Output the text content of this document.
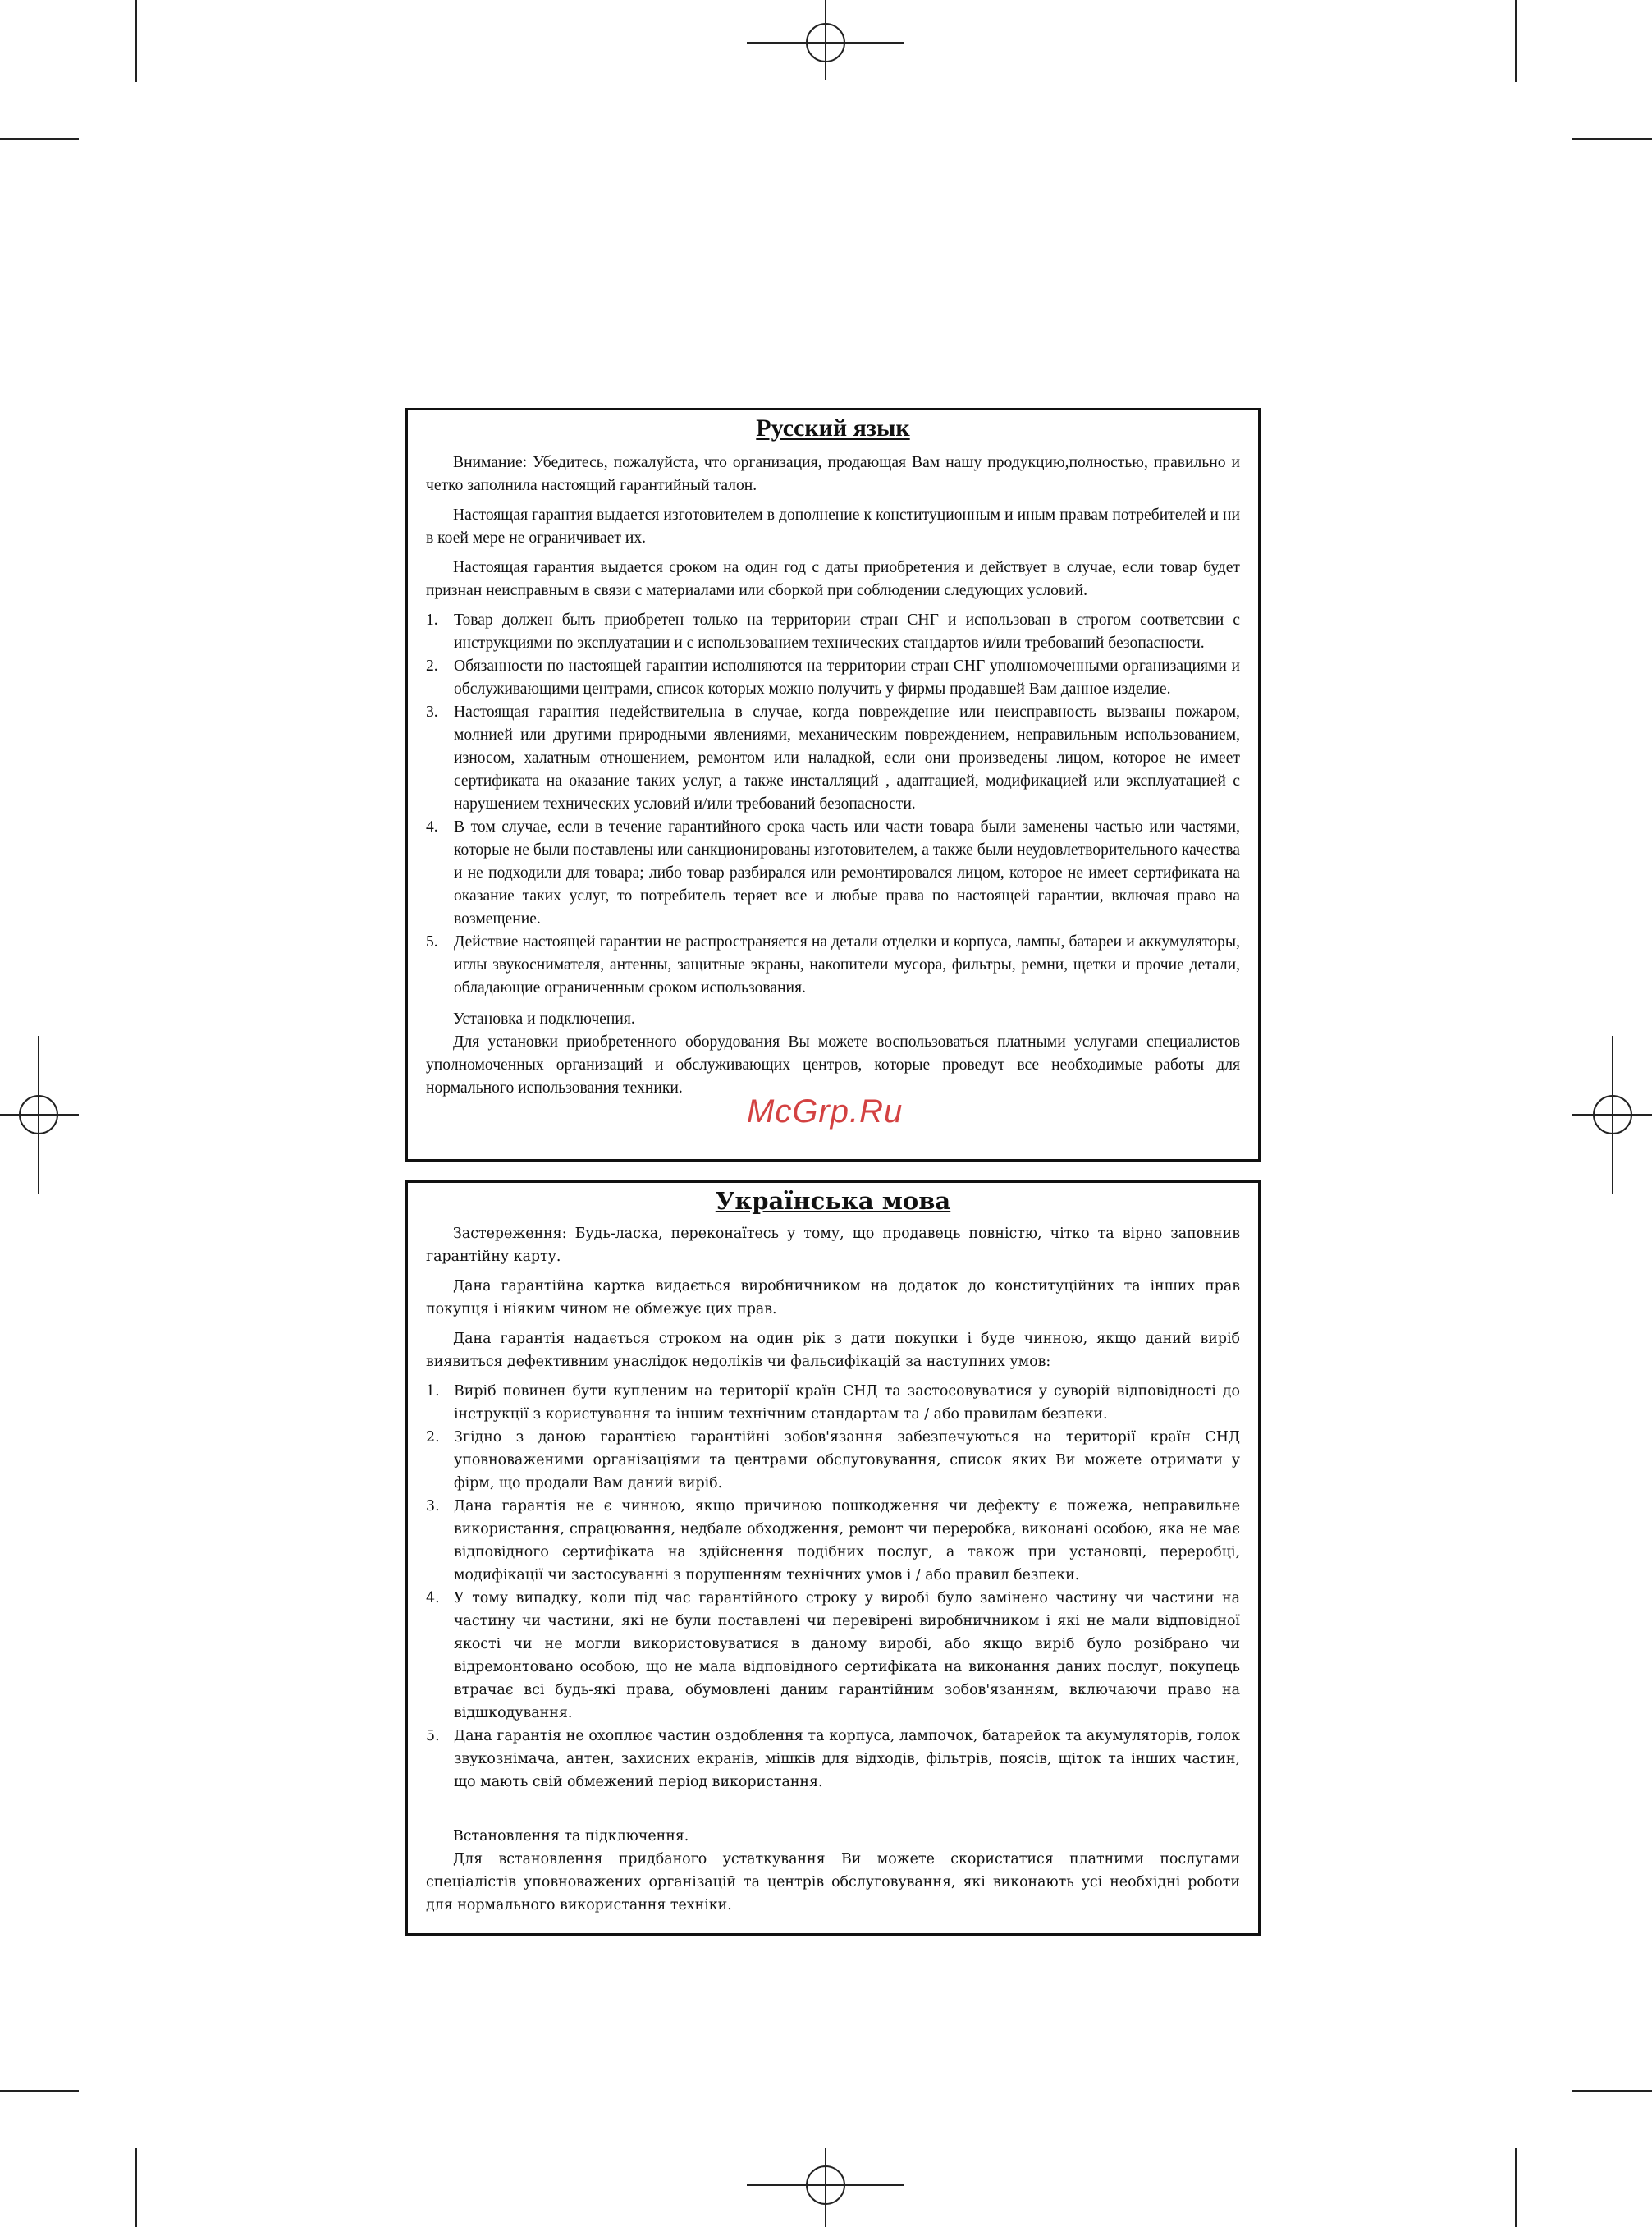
Русский язык

Внимание: Убедитесь, пожалуйста, что организация, продающая Вам нашу продукцию,полностью, правильно и четко заполнила настоящий гарантийный талон.

Настоящая гарантия выдается изготовителем в дополнение к конституционным и иным правам потребителей и ни в коей мере не ограничивает их.

Настоящая гарантия выдается сроком на один год с даты приобретения и действует в случае, если товар будет признан неисправным в связи с материалами или сборкой при соблюдении следующих условий.

1. Товар должен быть приобретен только на территории стран СНГ и использован в строгом соответсвии с инструкциями по эксплуатации и с использованием технических стандартов и/или требований безопасности.
2. Обязанности по настоящей гарантии исполняются на территории стран СНГ уполномоченными организациями и обслуживающими центрами, список которых можно получить у фирмы продавшей Вам данное изделие.
3. Настоящая гарантия недействительна в случае, когда повреждение или неисправность вызваны пожаром, молнией или другими природными явлениями, механическим повреждением, неправильным использованием, износом, халатным отношением, ремонтом или наладкой, если они произведены лицом, которое не имеет сертификата на оказание таких услуг, а также инсталляций , адаптацией, модификацией или эксплуатацией с нарушением технических условий и/или требований безопасности.
4. В том случае, если в течение гарантийного срока часть или части товара были заменены частью или частями, которые не были поставлены или санкционированы изготовителем, а также были неудовлетворительного качества и не подходили для товара; либо товар разбирался или ремонтировался лицом, которое не имеет сертификата на оказание таких услуг, то потребитель теряет все и любые права по настоящей гарантии, включая право на возмещение.
5. Действие настоящей гарантии не распространяется на детали отделки и корпуса, лампы, батареи и аккумуляторы, иглы звукоснимателя, антенны, защитные экраны, накопители мусора, фильтры, ремни, щетки и прочие детали, обладающие ограниченным сроком использования.

Установка и подключения.

Для установки приобретенного оборудования Вы можете воспользоваться платными услугами специалистов уполномоченных организаций и обслуживающих центров, которые проведут все необходимые работы для нормального использования техники.

Українська мова

Застереження: Будь-ласка, переконаїтесь у тому, що продавець повністю, чітко та вірно заповнив гарантійну карту.

Дана гарантійна картка видається виробничником на додаток до конституційних та інших прав покупця і ніяким чином не обмежує цих прав.

Дана гарантія надається строком на один рік з дати покупки і буде чинною, якщо даний виріб виявиться дефективним унаслідок недоліків чи фальсифікацій за наступних умов:

1.	Виріб повинен бути купленим на території країн СНД та застосовуватися у суворій відповідності до інструкції з користування та іншим технічним стандартам та / або правилам безпеки.
2.	Згідно з даною гарантією гарантійні зобов'язання забезпечуються на території країн СНД уповноваженими організаціями та центрами обслуговування, список яких Ви можете отримати у фірм, що продали Вам даний виріб.
3.	Дана гарантія не є чинною, якщо причиною пошкодження чи дефекту є пожежа, неправильне використання, спрацювання, недбале обходження, ремонт чи переробка, виконані особою, яка не має відповідного сертифіката на здійснення подібних послуг, а також при установці, переробці, модифікації чи застосуванні з порушенням технічних умов і / або правил безпеки.
4.	У тому випадку, коли під час гарантійного строку у виробі було замінено частину чи частини на частину чи частини, які не були поставлені чи перевірені виробничником і які не мали відповідної якості чи не могли використовуватися в даному виробі, або якщо виріб було розібрано чи відремонтовано особою, що не мала відповідного сертифіката на виконання даних послуг, покупець втрачає всі будь-які права, обумовлені даним гарантійним зобов'язанням, включаючи право на відшкодування.
5.	Дана гарантія не охоплює частин оздоблення та корпуса, лампочок, батарейок та акумуляторів, голок звукознімача, антен, захисних екранів, мішків для відходів, фільтрів, поясів, щіток та інших частин, що мають свій обмежений період використання.

Встановлення та підключення.

Для встановлення придбаного устаткування Ви можете скористатися платними послугами спеціалістів уповноважених організацій та центрів обслуговування, які виконають усі необхідні роботи для нормального використання техніки.

McGrp.Ru
